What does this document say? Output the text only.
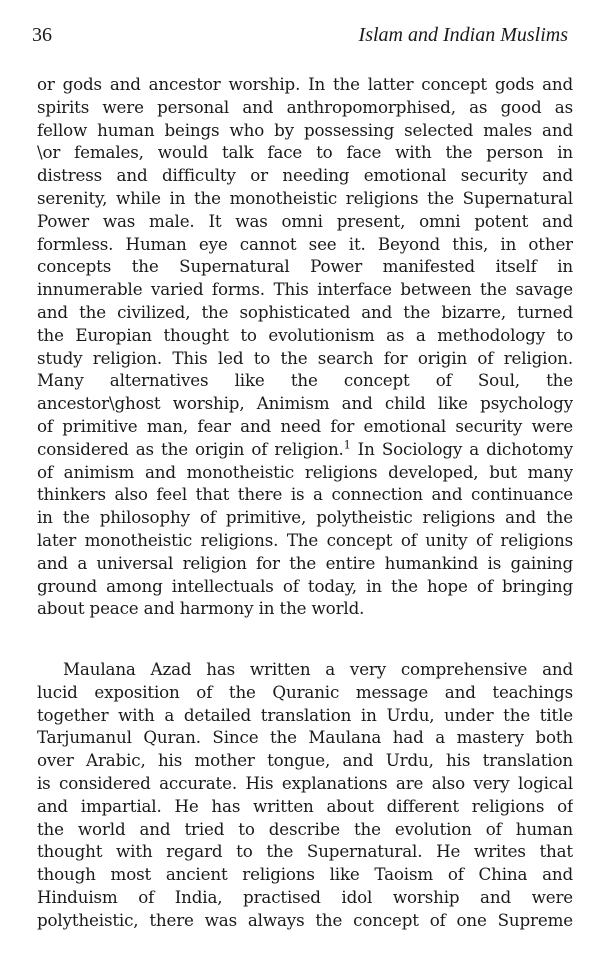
36	Islam and Indian Muslims
or gods and ancestor worship. In the latter concept gods and
spirits were personal and anthropomorphised, as good as
fellow human beings who by possessing selected males and
\or females, would talk face to face with the person in
distress and difficulty or needing emotional security and
serenity, while in the monotheistic religions the Supernatural
Power was male. It was omni present, omni potent and
formless. Human eye cannot see it. Beyond this, in other
concepts the Supernatural Power manifested itself in
innumerable varied forms. This interface between the savage
and the civilized, the sophisticated and the bizarre, turned
the Europian thought to evolutionism as a methodology to
study religion. This led to the search for origin of religion.
Many alternatives like the concept of Soul, the
ancestor\ghost worship, Animism and child like psychology
of primitive man, fear and need for emotional security were
considered as the origin of religion.$^1$ In Sociology a dichotomy
of animism and monotheistic religions developed, but many
thinkers also feel that there is a connection and continuance
in the philosophy of primitive, polytheistic religions and the
later monotheistic religions. The concept of unity of religions
and a universal religion for the entire humankind is gaining
ground among intellectuals of today, in the hope of bringing
about peace and harmony in the world.
Maulana Azad has written a very comprehensive and
lucid exposition of the Quranic message and teachings
together with a detailed translation in Urdu, under the title
Tarjumanul Quran. Since the Maulana had a mastery both
over Arabic, his mother tongue, and Urdu, his translation
is considered accurate. His explanations are also very logical
and impartial. He has written about different religions of
the world and tried to describe the evolution of human
thought with regard to the Supernatural. He writes that
though most ancient religions like Taoism of China and
Hinduism of India, practised idol worship and were
polytheistic, there was always the concept of one Supreme
